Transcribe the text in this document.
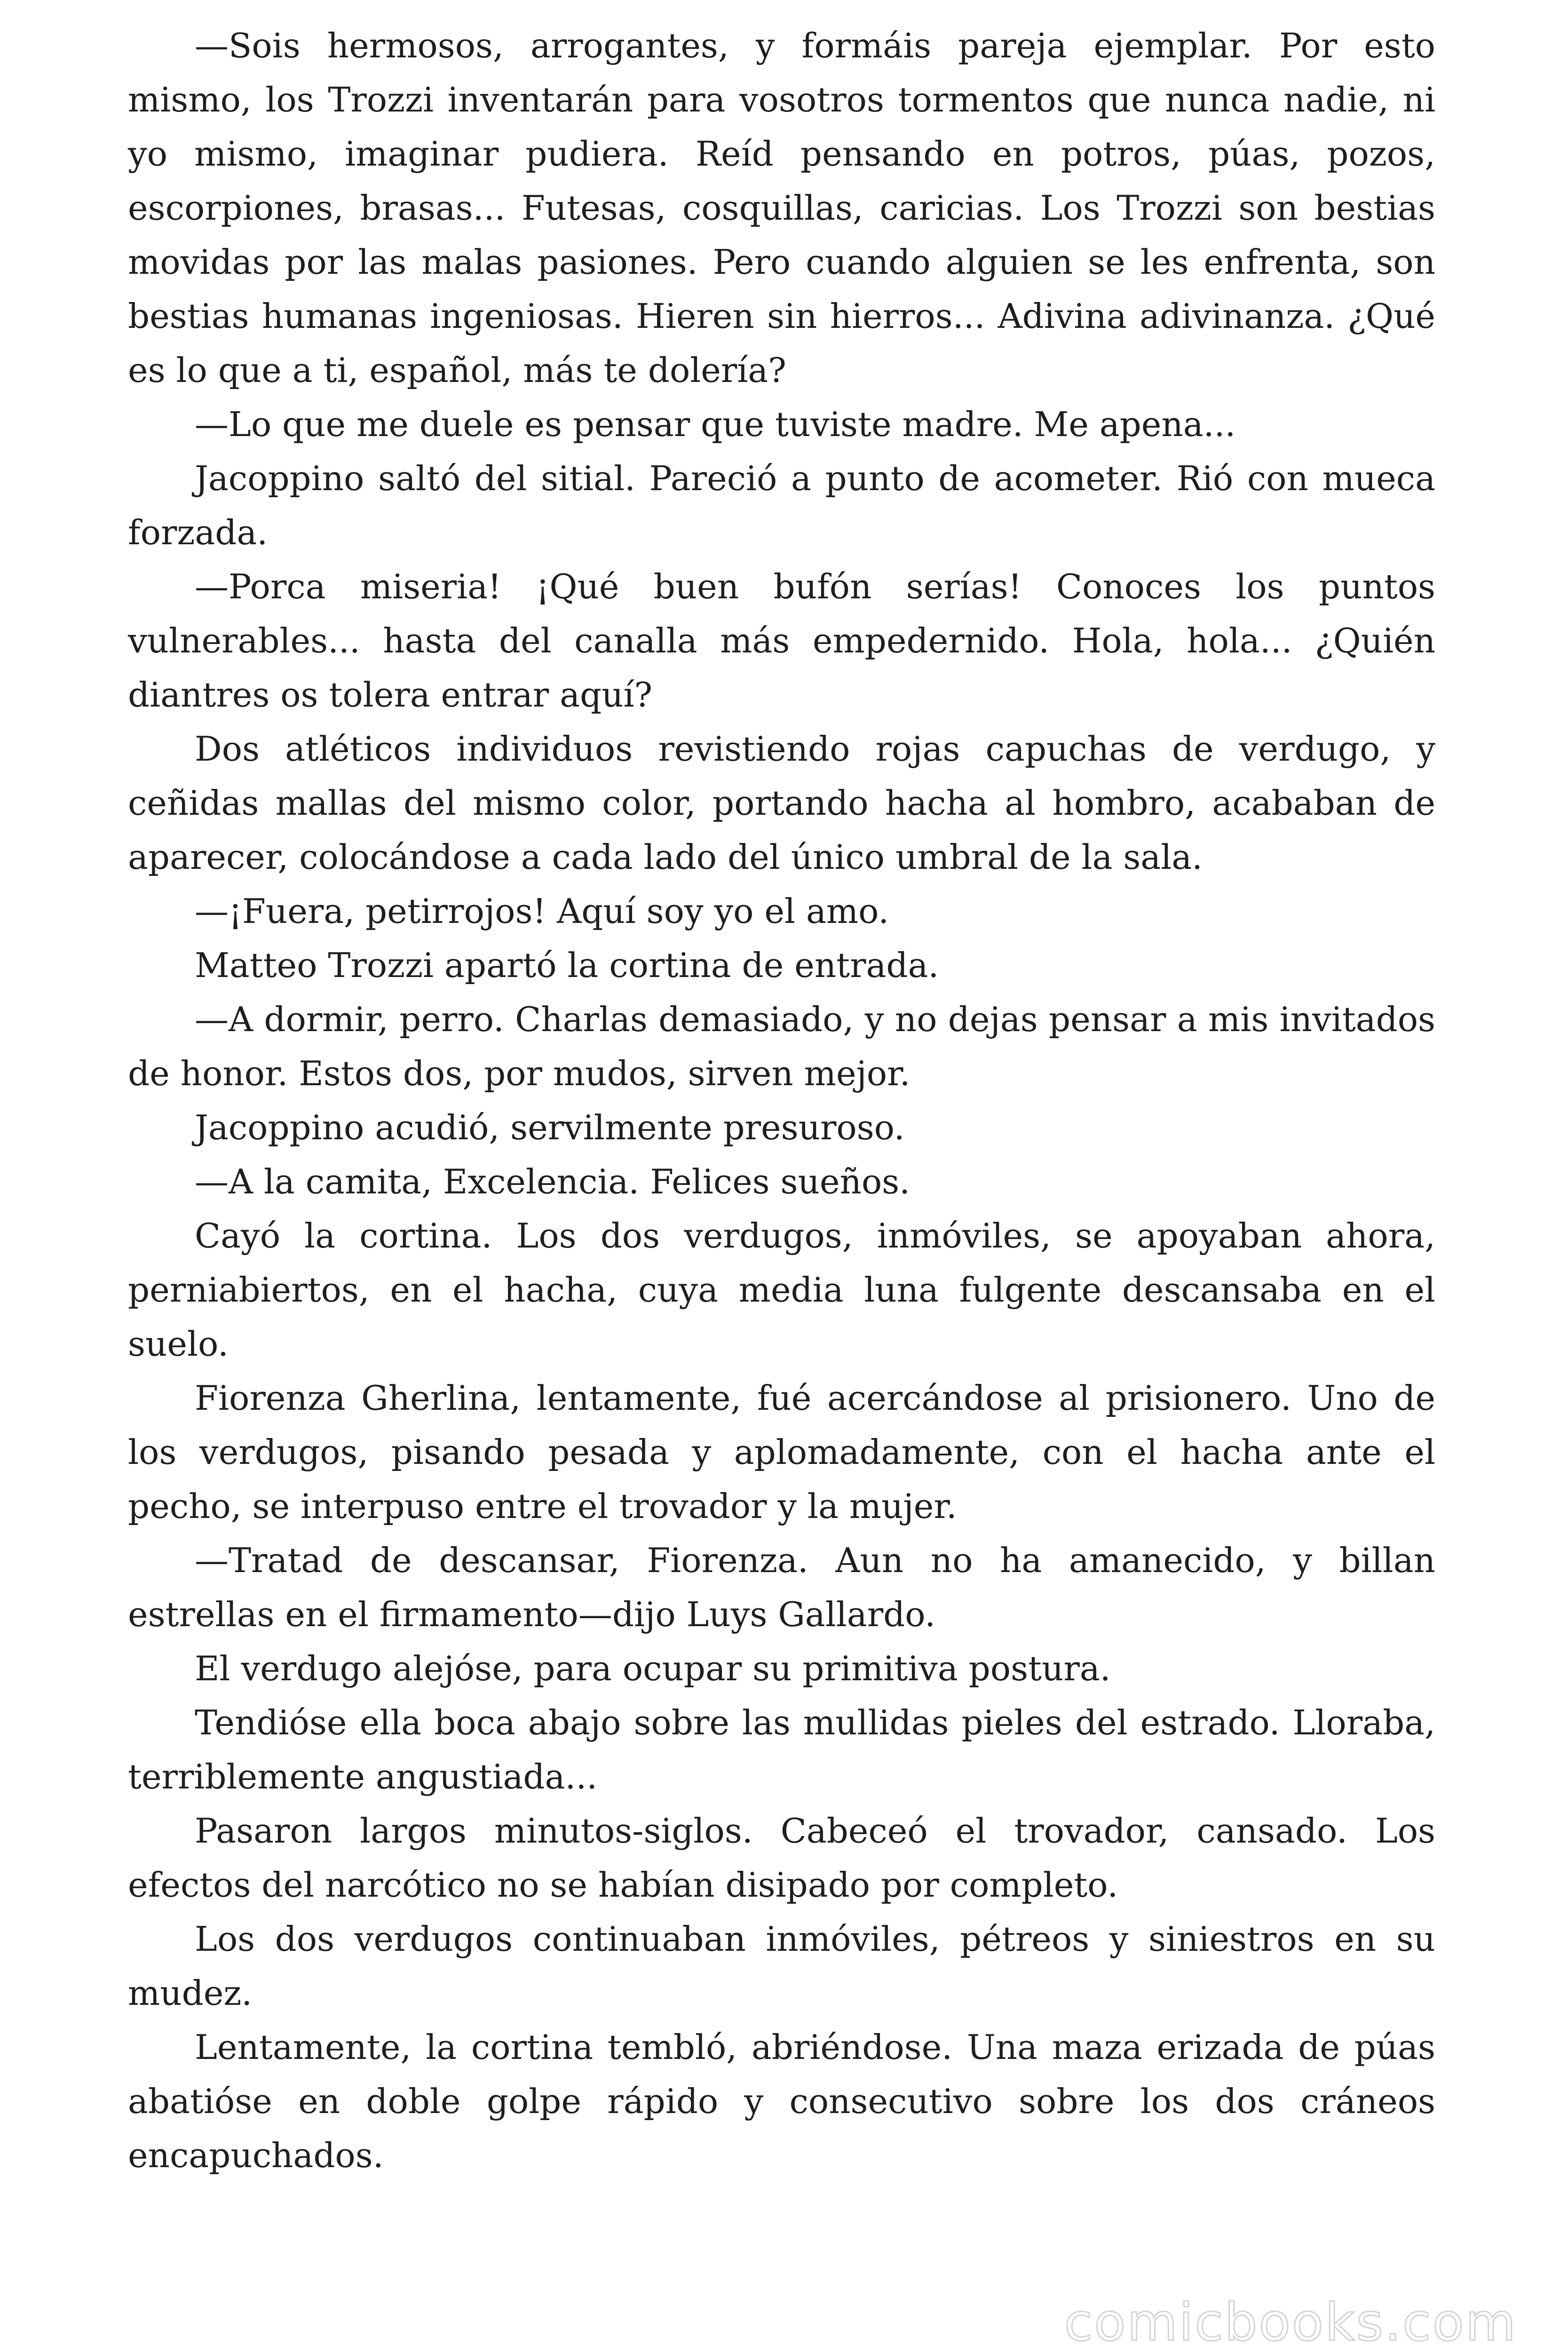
—Sois hermosos, arrogantes, y formáis pareja ejemplar. Por esto mismo, los Trozzi inventarán para vosotros tormentos que nunca nadie, ni yo mismo, imaginar pudiera. Reíd pensando en potros, púas, pozos, escorpiones, brasas... Futesas, cosquillas, caricias. Los Trozzi son bestias movidas por las malas pasiones. Pero cuando alguien se les enfrenta, son bestias humanas ingeniosas. Hieren sin hierros... Adivina adivinanza. ¿Qué es lo que a ti, español, más te dolería?

—Lo que me duele es pensar que tuviste madre. Me apena...

Jacoppino saltó del sitial. Pareció a punto de acometer. Rió con mueca forzada.

—Porca miseria! ¡Qué buen bufón serías! Conoces los puntos vulnerables... hasta del canalla más empedernido. Hola, hola... ¿Quién diantres os tolera entrar aquí?

Dos atléticos individuos revistiendo rojas capuchas de verdugo, y ceñidas mallas del mismo color, portando hacha al hombro, acababan de aparecer, colocándose a cada lado del único umbral de la sala.

—¡Fuera, petirrojos! Aquí soy yo el amo.

Matteo Trozzi apartó la cortina de entrada.

—A dormir, perro. Charlas demasiado, y no dejas pensar a mis invitados de honor. Estos dos, por mudos, sirven mejor.

Jacoppino acudió, servilmente presuroso.

—A la camita, Excelencia. Felices sueños.

Cayó la cortina. Los dos verdugos, inmóviles, se apoyaban ahora, perniabiertos, en el hacha, cuya media luna fulgente descansaba en el suelo.

Fiorenza Gherlina, lentamente, fué acercándose al prisionero. Uno de los verdugos, pisando pesada y aplomadamente, con el hacha ante el pecho, se interpuso entre el trovador y la mujer.

—Tratad de descansar, Fiorenza. Aun no ha amanecido, y billan estrellas en el firmamento—dijo Luys Gallardo.

El verdugo alejóse, para ocupar su primitiva postura.

Tendióse ella boca abajo sobre las mullidas pieles del estrado. Lloraba, terriblemente angustiada...

Pasaron largos minutos-siglos. Cabeceó el trovador, cansado. Los efectos del narcótico no se habían disipado por completo.

Los dos verdugos continuaban inmóviles, pétreos y siniestros en su mudez.

Lentamente, la cortina tembló, abriéndose. Una maza erizada de púas abatióse en doble golpe rápido y consecutivo sobre los dos cráneos encapuchados.

comicbooks.com
